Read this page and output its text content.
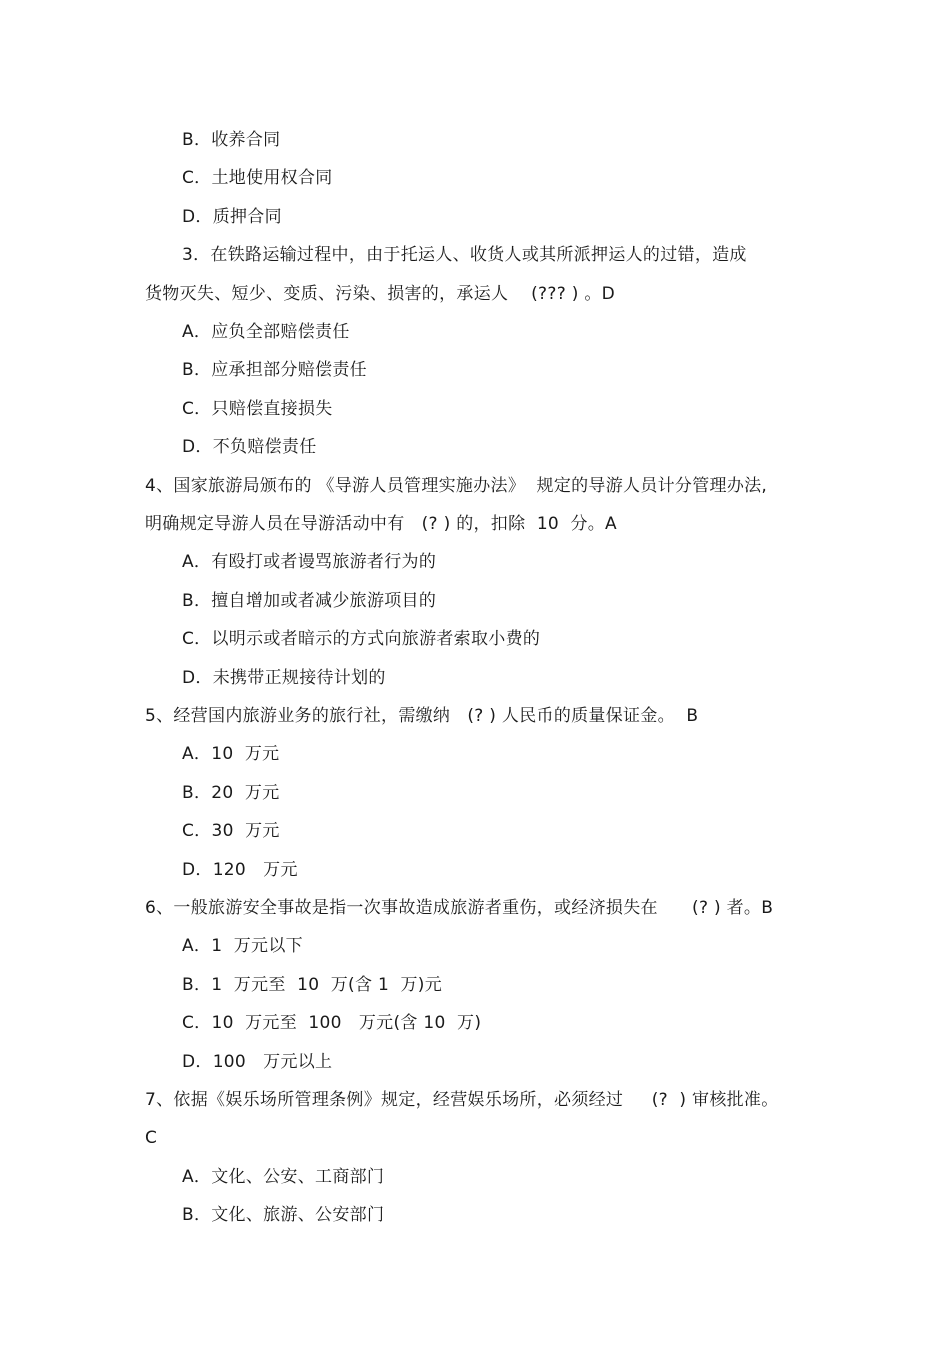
B．收养合同
C．土地使用权合同
D．质押合同
3．在铁路运输过程中，由于托运人、收货人或其所派押运人的过错，造成
货物灭失、短少、变质、污染、损害的，承运人    (??? ) 。D
A．应负全部赔偿责任
B．应承担部分赔偿责任
C．只赔偿直接损失
D．不负赔偿责任
4、国家旅游局颁布的 《导游人员管理实施办法》  规定的导游人员计分管理办法,
明确规定导游人员在导游活动中有   (? ) 的，扣除  10  分。A
A．有殴打或者谩骂旅游者行为的
B．擅自增加或者减少旅游项目的
C．以明示或者暗示的方式向旅游者索取小费的
D．未携带正规接待计划的
5、经营国内旅游业务的旅行社，需缴纳   (? ) 人民币的质量保证金。  B
A．10  万元
B．20  万元
C．30  万元
D．120   万元
6、一般旅游安全事故是指一次事故造成旅游者重伤，或经济损失在      (? ) 者。B
A．1  万元以下
B．1  万元至  10  万(含 1  万)元
C．10  万元至  100   万元(含 10  万)
D．100   万元以上
7、依据《娱乐场所管理条例》规定，经营娱乐场所，必须经过     (?  ) 审核批准。
C
A．文化、公安、工商部门
B．文化、旅游、公安部门
